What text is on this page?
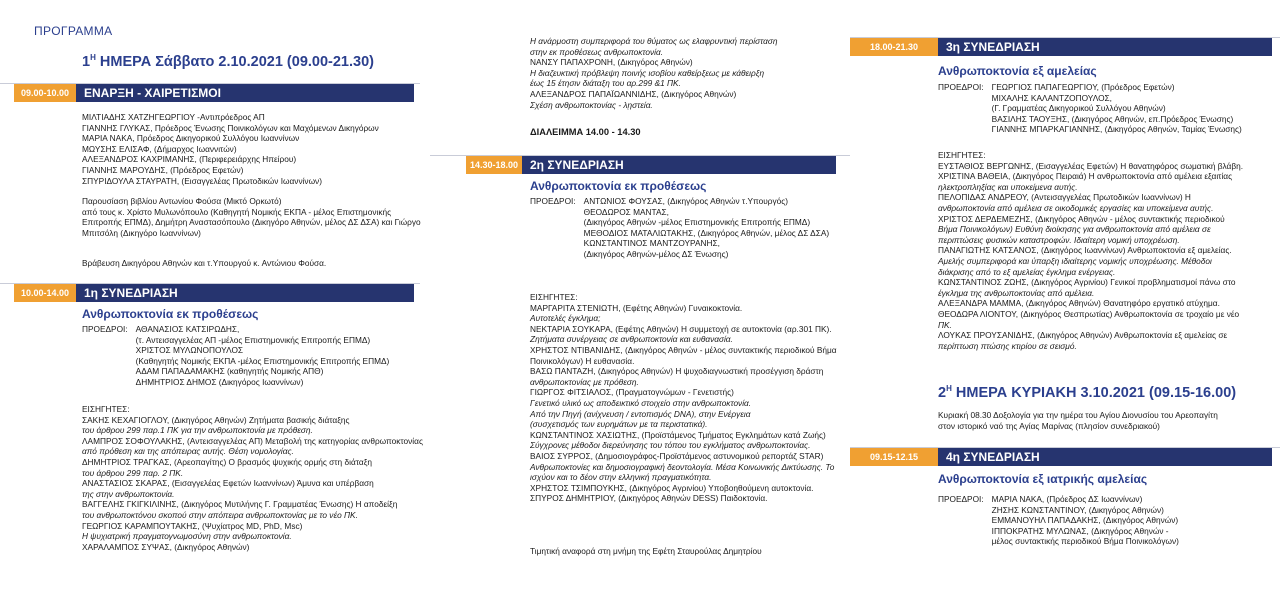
ΠΡΟΓΡΑΜΜΑ
$1^H$ ΗΜΕΡΑ Σάββατο 2.10.2021 (09.00-21.30)
09.00-10.00	ΕΝΑΡΞΗ - ΧΑΙΡΕΤΙΣΜΟΙ
ΜΙΛΤΙΑΔΗΣ ΧΑΤΖΗΓΕΩΡΓΙΟΥ -Αντιπρόεδρος ΑΠ
ΓΙΑΝΝΗΣ ΓΛΥΚΑΣ, Πρόεδρος Ένωσης Ποινικολόγων και Μαχόμενων Δικηγόρων
ΜΑΡΙΑ ΝΑΚΑ, Πρόεδρος Δικηγορικού Συλλόγου Ιωαννίνων
ΜΩΥΣΗΣ ΕΛΙΣΑΦ, (Δήμαρχος Ιωαννιτών)
ΑΛΕΞΑΝΔΡΟΣ ΚΑΧΡΙΜΑΝΗΣ, (Περιφερειάρχης Ηπείρου)
ΓΙΑΝΝΗΣ ΜΑΡΟΥΔΗΣ, (Πρόεδρος Εφετών)
ΣΠΥΡΙΔΟΥΛΑ ΣΤΑΥΡΑΤΗ, (Εισαγγελέας Πρωτοδικών Ιωαννίνων)
Παρουσίαση βιβλίου Αντωνίου Φούσα (Μικτό Ορκωτό)
από τους κ. Χρίστο Μυλωνόπουλο (Καθηγητή Νομικής ΕΚΠΑ - μέλος Επιστημονικής
Επιτροπής ΕΠΜΔ), Δημήτρη Αναστασόπουλο (Δικηγόρο Αθηνών, μέλος ΔΣ ΔΣΑ) και Γιώργο
Μπιτσόλη (Δικηγόρο Ιωαννίνων)
Βράβευση Δικηγόρου Αθηνών και τ.Υπουργού κ. Αντώνιου Φούσα.
10.00-14.00	1η ΣΥΝΕΔΡΙΑΣΗ
Ανθρωποκτονία εκ προθέσεως
ΠΡΟΕΔΡΟΙ: ΑΘΑΝΑΣΙΟΣ ΚΑΤΣΙΡΩΔΗΣ,
(τ. Αντεισαγγελέας ΑΠ -μέλος Επιστημονικής Επιτροπής ΕΠΜΔ)
ΧΡΙΣΤΟΣ ΜΥΛΩΝΟΠΟΥΛΟΣ
(Καθηγητής Νομικής ΕΚΠΑ -μέλος Επιστημονικής Επιτροπής ΕΠΜΔ)
ΑΔΑΜ ΠΑΠΑΔΑΜΑΚΗΣ (καθηγητής Νομικής ΑΠΘ)
ΔΗΜΗΤΡΙΟΣ ΔΗΜΟΣ (Δικηγόρος Ιωαννίνων)
ΕΙΣΗΓΗΤΕΣ:
ΣΑΚΗΣ ΚΕΧΑΓΙΟΓΛΟΥ, (Δικηγόρος Αθηνών) Ζητήματα βασικής διάταξης
του άρθρου 299 παρ.1 ΠΚ για την ανθρωποκτονία με πρόθεση.
ΛΑΜΠΡΟΣ ΣΟΦΟΥΛΑΚΗΣ, (Αντεισαγγελέας ΑΠ) Μεταβολή της κατηγορίας ανθρωποκτονίας
από πρόθεση και της απόπειρας αυτής. Θέση νομολογίας.
ΔΗΜΗΤΡΙΟΣ ΤΡΑΓΚΑΣ, (Αρεοπαγίτης) Ο βρασμός ψυχικής ορμής στη διάταξη
του άρθρου 299 παρ. 2 ΠΚ.
ΑΝΑΣΤΑΣΙΟΣ ΣΚΑΡΑΣ, (Εισαγγελέας Εφετών Ιωαννίνων) Άμυνα και υπέρβαση
της στην ανθρωποκτονία.
ΒΑΓΓΕΛΗΣ ΓΚΙΓΚΙΛΙΝΗΣ, (Δικηγόρος Μυτιλήνης Γ. Γραμματέας Ένωσης) Η αποδείξη
του ανθρωποκτόνου σκοπού στην απόπειρα ανθρωποκτονίας με το νέο ΠΚ.
ΓΕΩΡΓΙΟΣ ΚΑΡΑΜΠΟΥΤΑΚΗΣ, (Ψυχίατρος MD, PhD, Msc)
Η ψυχιατρική πραγματογνωμοσύνη στην ανθρωποκτονία.
ΧΑΡΑΛΑΜΠΟΣ ΣΥΨΑΣ, (Δικηγόρος Αθηνών)
Η ανάρμοστη συμπεριφορά του θύματος ως ελαφρυντική περίσταση
στην εκ προθέσεως ανθρωποκτονία.
ΝΑΝΣΥ ΠΑΠΑΧΡΟΝΗ, (Δικηγόρος Αθηνών)
Η διαζευκτική πρόβλεψη ποινής ισοβίου καθείρξεως με κάθειρξη
έως 15 έτησιν διάταξη του αρ.299 &1 ΠΚ.
ΑΛΕΞΑΝΔΡΟΣ ΠΑΠΑΪΩΑΝΝΙΔΗΣ, (Δικηγόρος Αθηνών)
Σχέση ανθρωποκτονίας - λῃστεία.
ΔΙΑΛΕΙΜΜΑ 14.00 - 14.30
14.30-18.00 2η ΣΥΝΕΔΡΙΑΣΗ
Ανθρωποκτονία εκ προθέσεως
ΠΡΟΕΔΡΟΙ: ΑΝΤΩΝΙΟΣ ΦΟΥΣΑΣ, (Δικηγόρος Αθηνών τ.Υπουργός)
ΘΕΟΔΩΡΟΣ ΜΑΝΤΑΣ,
(Δικηγόρος Αθηνών -μέλος Επιστημονικής Επιτροπής ΕΠΜΔ)
ΜΕΘΟΔΙΟΣ ΜΑΤΑΛΙΩΤΑΚΗΣ, (Δικηγόρος Αθηνών, μέλος ΔΣ ΔΣΑ)
ΚΩΝΣΤΑΝΤΙΝΟΣ ΜΑΝΤΖΟΥΡΑΝΗΣ,
(Δικηγόρος Αθηνών-μέλος ΔΣ Ένωσης)
ΕΙΣΗΓΗΤΕΣ:
ΜΑΡΓΑΡΙΤΑ ΣΤΕΝΙΩΤΗ, (Εφέτης Αθηνών) Γυναικοκτονία.
Αυτοτελές έγκλημα;
ΝΕΚΤΑΡΙΑ ΣΟΥΚΑΡΑ, (Εφέτης Αθηνών) Η συμμετοχή σε αυτοκτονία (αρ.301 ΠΚ).
Ζητήματα συνέργειας σε ανθρωποκτονία και ευθανασία.
ΧΡΗΣΤΟΣ ΝΤΙΒΑΝΙΔΗΣ, (Δικηγόρος Αθηνών - μέλος συντακτικής περιοδικού Βήμα
Ποινικολόγων) Η ευθανασία.
ΒΑΣΩ ΠΑΝΤΑΖΗ, (Δικηγόρος Αθηνών) Η ψυχοδιαγνωστική προσέγγιση δράστη
ανθρωποκτονίας με πρόθεση.
ΓΙΩΡΓΟΣ ΦΙΤΣΙΑΛΟΣ, (Πραγματογνώμων - Γενετιστής)
Γενετικό υλικό ως αποδεικτικό στοιχείο στην ανθρωποκτονία.
Από την Πηγή (ανίχνευση / εντοπισμός DNA), στην Ενέργεια
(συσχετισμός των ευρημάτων με τα περιστατικά).
ΚΩΝΣΤΑΝΤΙΝΟΣ ΧΑΣΙΩΤΗΣ, (Προϊστάμενος Τμήματος Εγκλημάτων κατά Ζωής)
Σύγχρονες μέθοδοι διερεύνησης του τόπου του εγκλήματος ανθρωποκτονίας.
ΒΑΙΟΣ ΣΥΡΡΟΣ, (Δημοσιογράφος-Προϊστάμενος αστυνομικού ρεπορτάζ STAR)
Ανθρωποκτονίες και δημοσιογραφική δεοντολογία. Μέσα Κοινωνικής Δικτύωσης. Το
ισχύον και το δέον στην ελληνική πραγματικότητα.
ΧΡΗΣΤΟΣ ΤΣΙΜΠΟΥΚΗΣ, (Δικηγόρος Αγρινίου) Υποβοηθούμενη αυτοκτονία.
ΣΠΥΡΟΣ ΔΗΜΗΤΡΙΟΥ, (Δικηγόρος Αθηνών DESS) Παιδοκτονία.
Τιμητική αναφορά στη μνήμη της Εφέτη Σταυρούλας Δημητρίου
18.00-21.30	3η ΣΥΝΕΔΡΙΑΣΗ
Ανθρωποκτονία εξ αμελείας
ΠΡΟΕΔΡΟΙ: ΓΕΩΡΓΙΟΣ ΠΑΠΑΓΕΩΡΓΙΟΥ, (Πρόεδρος Εφετών)
ΜΙΧΑΛΗΣ ΚΑΛΑΝΤΖΟΠΟΥΛΟΣ,
(Γ. Γραμματέας Δικηγορικού Συλλόγου Αθηνών)
ΒΑΣΙΛΗΣ ΤΑΟΥΞΗΣ, (Δικηγόρος Αθηνών, επ.Πρόεδρος Ένωσης)
ΓΙΑΝΝΗΣ ΜΠΑΡΚΑΓΙΑΝΝΗΣ, (Δικηγόρος Αθηνών, Ταμίας Ένωσης)
ΕΙΣΗΓΗΤΕΣ:
ΕΥΣΤΑΘΙΟΣ ΒΕΡΓΩΝΗΣ, (Εισαγγελέας Εφετών) Η θανατηφόρος σωματική βλάβη.
ΧΡΙΣΤΙΝΑ ΒΑΘΕΙΑ, (Δικηγόρος Πειραιά) Η ανθρωποκτονία από αμέλεια εξαιτίας
ηλεκτροπληξίας και υποκείμενα αυτής.
ΠΕΛΟΠΙΔΑΣ ΑΝΔΡΕΟΥ, (Αντεισαγγελέας Πρωτοδικών Ιωαννίνων) Η
ανθρωποκτονία από αμέλεια σε οικοδομικές εργασίες και υποκείμενα αυτής.
ΧΡΙΣΤΟΣ ΔΕΡΔΕΜΕΖΗΣ, (Δικηγόρος Αθηνών - μέλος συντακτικής περιοδικού
Βήμα Ποινικολόγων) Ευθύνη διοίκησης για ανθρωποκτονία από αμέλεια σε
περιπτώσεις φυσικών καταστροφών. Ιδιαίτερη νομική υποχρέωση.
ΠΑΝΑΓΙΩΤΗΣ ΚΑΤΣΑΝΟΣ, (Δικηγόρος Ιωαννίνων) Ανθρωποκτονία εξ αμελείας.
Αμελής συμπεριφορά και ύπαρξη ιδιαίτερης νομικής υποχρέωσης. Μέθοδοι
διάκρισης από το εξ αμελείας έγκλημα ενέργειας.
ΚΩΝΣΤΑΝΤΙΝΟΣ ΖΩΗΣ, (Δικηγόρος Αγρινίου) Γενικοί προβληματισμοί πάνω στο
έγκλημα της ανθρωποκτονίας από αμέλεια.
ΑΛΕΞΑΝΔΡΑ ΜΑΜΜΑ, (Δικηγόρος Αθηνών) Θανατηφόρο εργατικό ατύχημα.
ΘΕΟΔΩΡΑ ΛΙΟΝΤΟΥ, (Δικηγόρος Θεσπρωτίας) Ανθρωποκτονία σε τροχαίο με νέο
ΠΚ.
ΛΟΥΚΑΣ ΠΡΟΥΣΑΝΙΔΗΣ, (Δικηγόρος Αθηνών) Ανθρωποκτονία εξ αμελείας σε
περίπτωση πτώσης κτιρίου σε σεισμό.
$2^H$ ΗΜΕΡΑ ΚΥΡΙΑΚΗ 3.10.2021 (09.15-16.00)
Κυριακή 08.30 Δοξολογία για την ημέρα του Αγίου Διονυσίου του Αρεοπαγίτη
στον ιστορικό ναό της Αγίας Μαρίνας (πλησίον συνεδριακού)
09.15-12.15	4η ΣΥΝΕΔΡΙΑΣΗ
Ανθρωποκτονία εξ ιατρικής αμελείας
ΠΡΟΕΔΡΟΙ: ΜΑΡΙΑ ΝΑΚΑ, (Πρόεδρος ΔΣ Ιωαννίνων)
ΖΗΣΗΣ ΚΩΝΣΤΑΝΤΙΝΟΥ, (Δικηγόρος Αθηνών)
ΕΜΜΑΝΟΥΗΛ ΠΑΠΑΔΑΚΗΣ, (Δικηγόρος Αθηνών)
ΙΠΠΟΚΡΑΤΗΣ ΜΥΛΩΝΑΣ, (Δικηγόρος Αθηνών -
μέλος συντακτικής περιοδικού Βήμα Ποινικολόγων)
